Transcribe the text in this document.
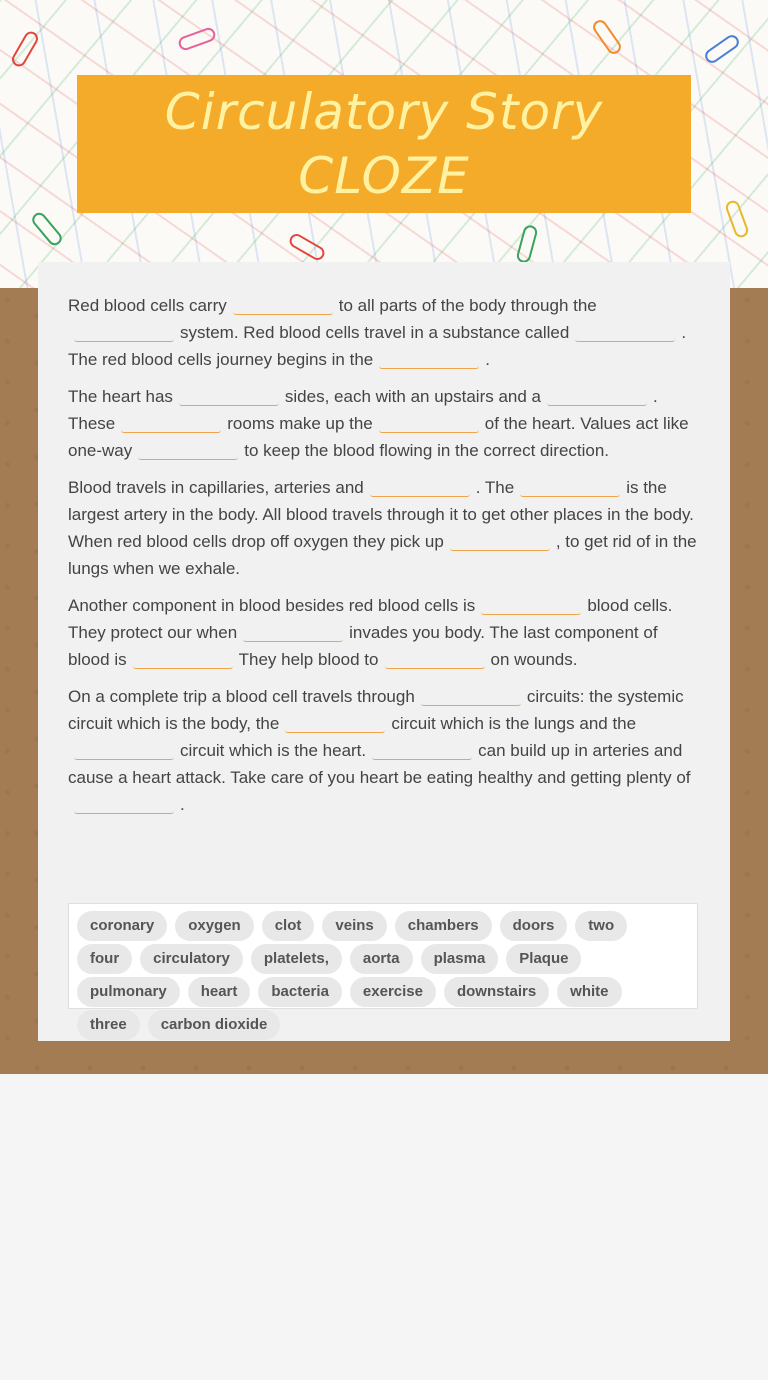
Circulatory Story CLOZE

Red blood cells carry	to all parts of the body through thesystem. Red blood cells travel in a substance called	. The red blood cells journey begins in the	.

The heart has	sides, each with an upstairs and a	. These	rooms make up the	of the heart. Values act like one-way	to keep the blood flowing in the correct direction.

Blood travels in capillaries, arteries and	. The	is the largest artery in the body. All blood travels through it to get other places in the body. When red blood cells drop off oxygen they pick up	, to get rid of in the lungs when we exhale.

Another component in blood besides red blood cells is	blood cells. They protect our when	invades you body. The last component of blood is	They help blood to	on wounds.

On a complete trip a blood cell travels through	circuits: the systemic circuit which is the body, the	circuit which is the lungs and thecircuit which is the heart.	can build up in arteries and cause a heart attack. Take care of you heart be eating healthy and getting plenty of.

coronary	oxygen	clot	veins	chambers	doors	two
four	circulatory	platelets,	aorta	plasma	Plaque
pulmonary	heart	bacteria	exercise	downstairs	white
three	carbon dioxide
